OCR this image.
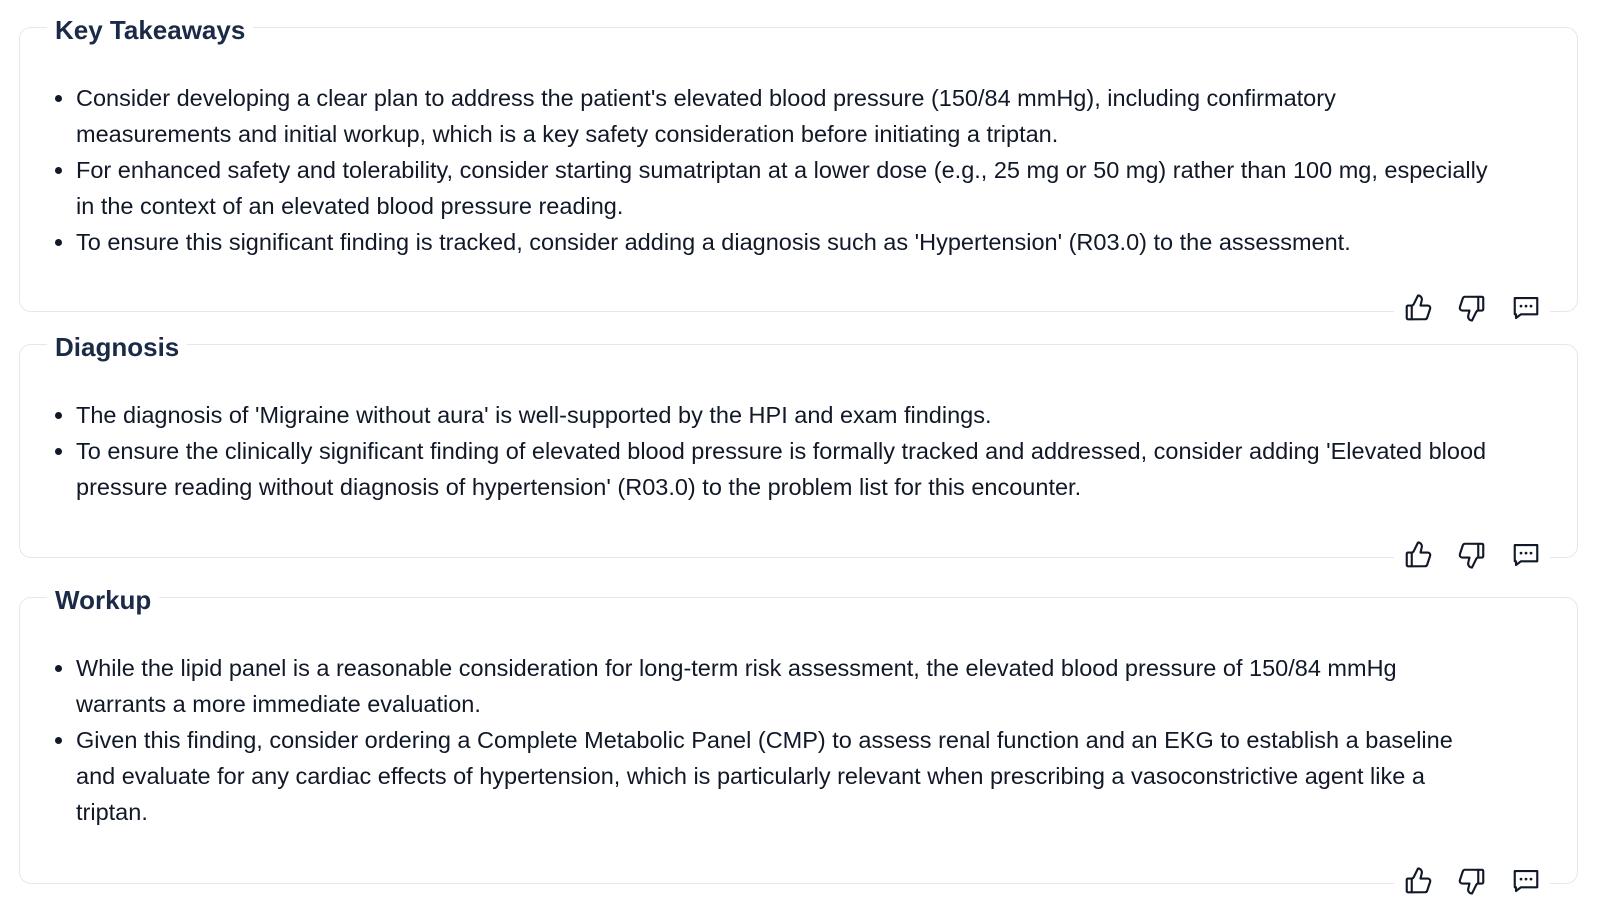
Key Takeaways
Consider developing a clear plan to address the patient's elevated blood pressure (150/84 mmHg), including confirmatory measurements and initial workup, which is a key safety consideration before initiating a triptan.
For enhanced safety and tolerability, consider starting sumatriptan at a lower dose (e.g., 25 mg or 50 mg) rather than 100 mg, especially in the context of an elevated blood pressure reading.
To ensure this significant finding is tracked, consider adding a diagnosis such as 'Hypertension' (R03.0) to the assessment.
Diagnosis
The diagnosis of 'Migraine without aura' is well-supported by the HPI and exam findings.
To ensure the clinically significant finding of elevated blood pressure is formally tracked and addressed, consider adding 'Elevated blood pressure reading without diagnosis of hypertension' (R03.0) to the problem list for this encounter.
Workup
While the lipid panel is a reasonable consideration for long-term risk assessment, the elevated blood pressure of 150/84 mmHg warrants a more immediate evaluation.
Given this finding, consider ordering a Complete Metabolic Panel (CMP) to assess renal function and an EKG to establish a baseline and evaluate for any cardiac effects of hypertension, which is particularly relevant when prescribing a vasoconstrictive agent like a triptan.
